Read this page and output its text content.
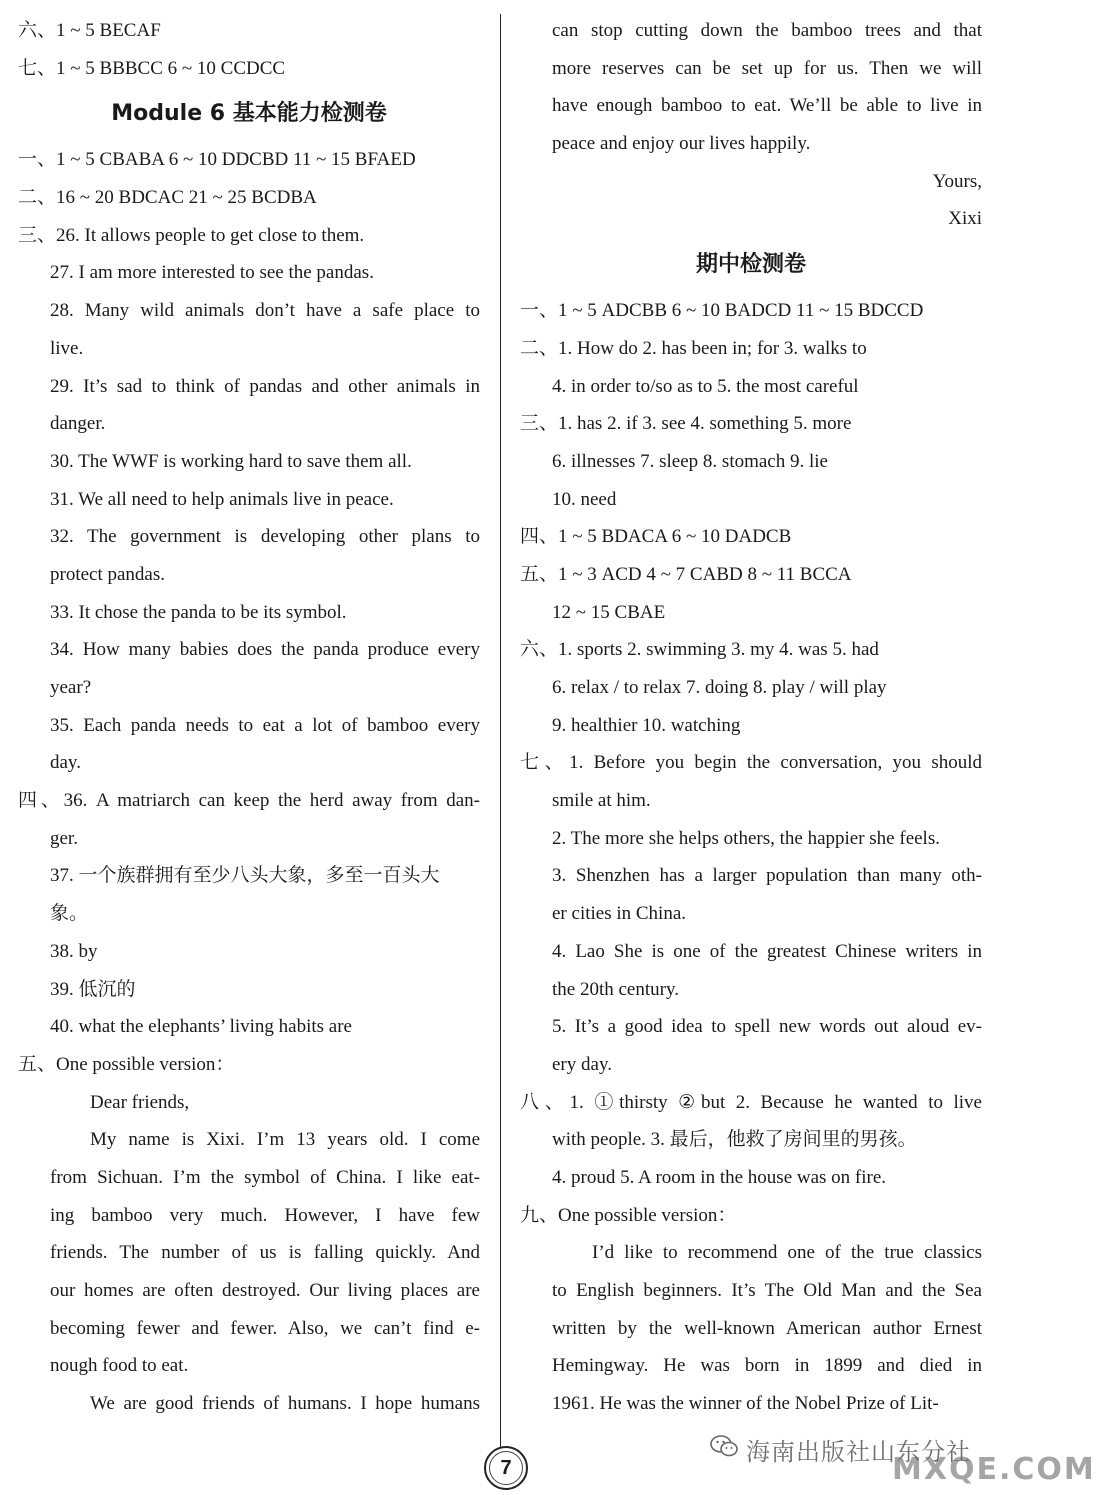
六、1 ~ 5 BECAF
七、1 ~ 5 BBBCC 6 ~ 10 CCDCC
Module 6 基本能力检测卷
一、1 ~ 5 CBABA 6 ~ 10 DDCBD 11 ~ 15 BFAED
二、16 ~ 20 BDCAC 21 ~ 25 BCDBA
三、26. It allows people to get close to them.
27. I am more interested to see the pandas.
28. Many wild animals don’t have a safe place to
live.
29. It’s sad to think of pandas and other animals in
danger.
30. The WWF is working hard to save them all.
31. We all need to help animals live in peace.
32. The government is developing other plans to
protect pandas.
33. It chose the panda to be its symbol.
34. How many babies does the panda produce every
year?
35. Each panda needs to eat a lot of bamboo every
day.
四、36. A matriarch can keep the herd away from dan-
ger.
37. 一个族群拥有至少八头大象，多至一百头大
象。
38. by
39. 低沉的
40. what the elephants’ living habits are
五、One possible version：
Dear friends,
My name is Xixi. I’m 13 years old. I come
from Sichuan. I’m the symbol of China. I like eat-
ing bamboo very much. However, I have few
friends. The number of us is falling quickly. And
our homes are often destroyed. Our living places are
becoming fewer and fewer. Also, we can’t find e-
nough food to eat.
We are good friends of humans. I hope humans
can stop cutting down the bamboo trees and that
more reserves can be set up for us. Then we will
have enough bamboo to eat. We’ll be able to live in
peace and enjoy our lives happily.
Yours,
Xixi
期中检测卷
一、1 ~ 5 ADCBB 6 ~ 10 BADCD 11 ~ 15 BDCCD
二、1. How do 2. has been in; for 3. walks to
4. in order to/so as to 5. the most careful
三、1. has 2. if 3. see 4. something 5. more
6. illnesses 7. sleep 8. stomach 9. lie
10. need
四、1 ~ 5 BDACA 6 ~ 10 DADCB
五、1 ~ 3 ACD 4 ~ 7 CABD 8 ~ 11 BCCA
12 ~ 15 CBAE
六、1. sports 2. swimming 3. my 4. was 5. had
6. relax / to relax 7. doing 8. play / will play
9. healthier 10. watching
七、1. Before you begin the conversation, you should
smile at him.
2. The more she helps others, the happier she feels.
3. Shenzhen has a larger population than many oth-
er cities in China.
4. Lao She is one of the greatest Chinese writers in
the 20th century.
5. It’s a good idea to spell new words out aloud ev-
ery day.
八、1. ①thirsty ②but 2. Because he wanted to live
with people. 3. 最后，他救了房间里的男孩。
4. proud 5. A room in the house was on fire.
九、One possible version：
I’d like to recommend one of the true classics
to English beginners. It’s The Old Man and the Sea
written by the well-known American author Ernest
Hemingway. He was born in 1899 and died in
1961. He was the winner of the Nobel Prize of Lit-
7
海南出版社山东分社
MXQE.COM
